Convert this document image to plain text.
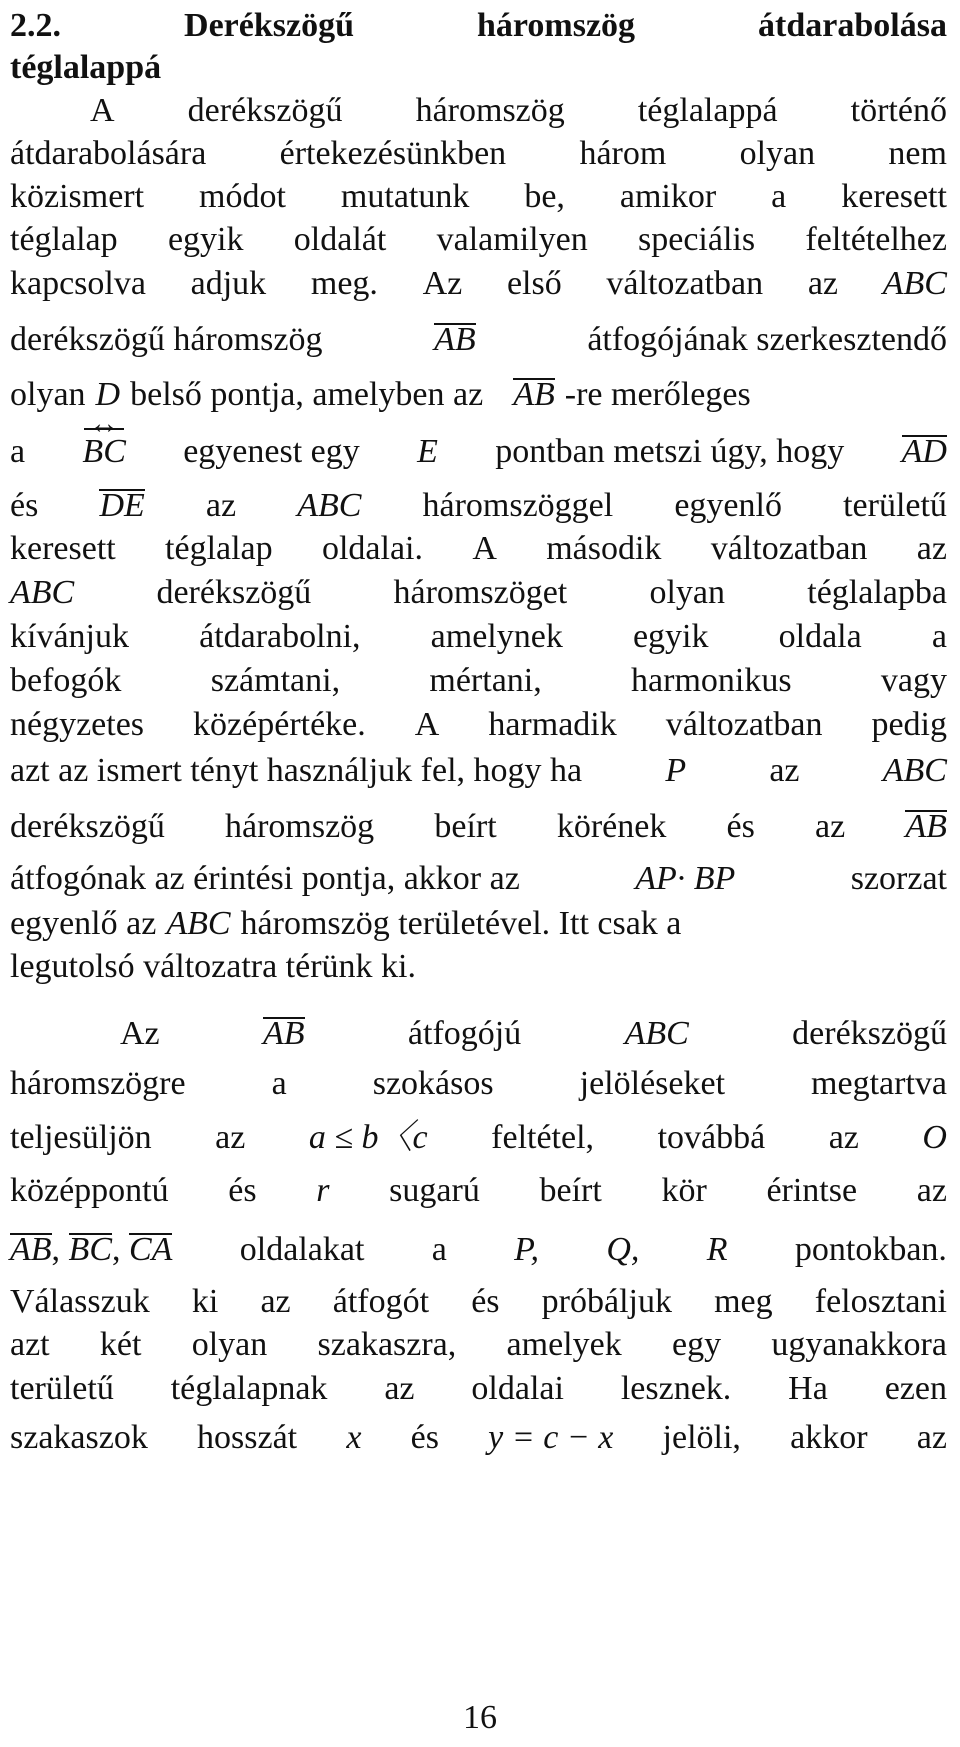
2.2.	Derékszögű	háromszög	átdarabolása
téglalappá
A derékszögű háromszög téglalappá történő
átdarabolására értekezésünkben három olyan nem
közismert módot mutatunk be, amikor a keresett
téglalap egyik oldalát valamilyen speciális feltételhez
kapcsolva adjuk meg. Az első változatban az ABC
derékszögű háromszög	AB	átfogójának szerkesztendő
olyan D belső pontja, amelyben az AB -re merőleges
a BC ↔ egyenest egy E pontban metszi úgy, hogy AD
és DE az ABC háromszöggel egyenlő területű
keresett téglalap oldalai. A második változatban az
ABC derékszögű háromszöget olyan téglalapba
kívánjuk átdarabolni, amelynek egyik oldala a
befogók	számtani,	mértani,	harmonikus	vagy
négyzetes középértéke. A harmadik változatban pedig
azt az ismert tényt használjuk fel, hogy ha P az ABC
derékszögű háromszög beírt körének és az AB
átfogónak az érintési pontja, akkor az	AP· BP	szorzat
egyenlő az ABC háromszög területével. Itt csak a
legutolsó változatra térünk ki.
Az	AB	átfogójú	ABC	derékszögű
háromszögre	a	szokásos	jelöléseket	megtartva
teljesüljön az a ≤ b〈c feltétel, továbbá az O
középpontú és r sugarú beírt kör érintse az
AB, BC, CA oldalakat a P, Q, R pontokban.
Válasszuk ki az átfogót és próbáljuk meg felosztani
azt két olyan szakaszra, amelyek egy ugyanakkora
területű téglalapnak az oldalai lesznek. Ha ezen
szakaszok hosszát x és y = c − x jelöli, akkor az
16
